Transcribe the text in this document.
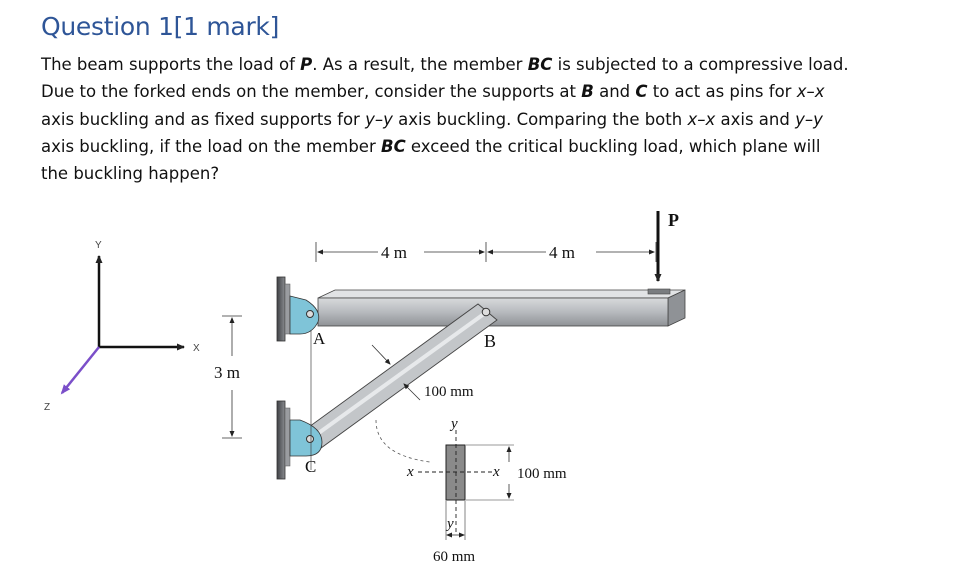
Question 1[1 mark]
The beam supports the load of P. As a result, the member BC is subjected to a compressive load.
Due to the forked ends on the member, consider the supports at B and C to act as pins for x–x
axis buckling and as fixed supports for y–y axis buckling. Comparing the both x–x axis and y–y
axis buckling, if the load on the member BC exceed the critical buckling load, which plane will
the buckling happen?
Y
X
Z
P
4 m	4 m
3 m
A	B
C
100 mm
y
y
x	x 100 mm
60 mm
